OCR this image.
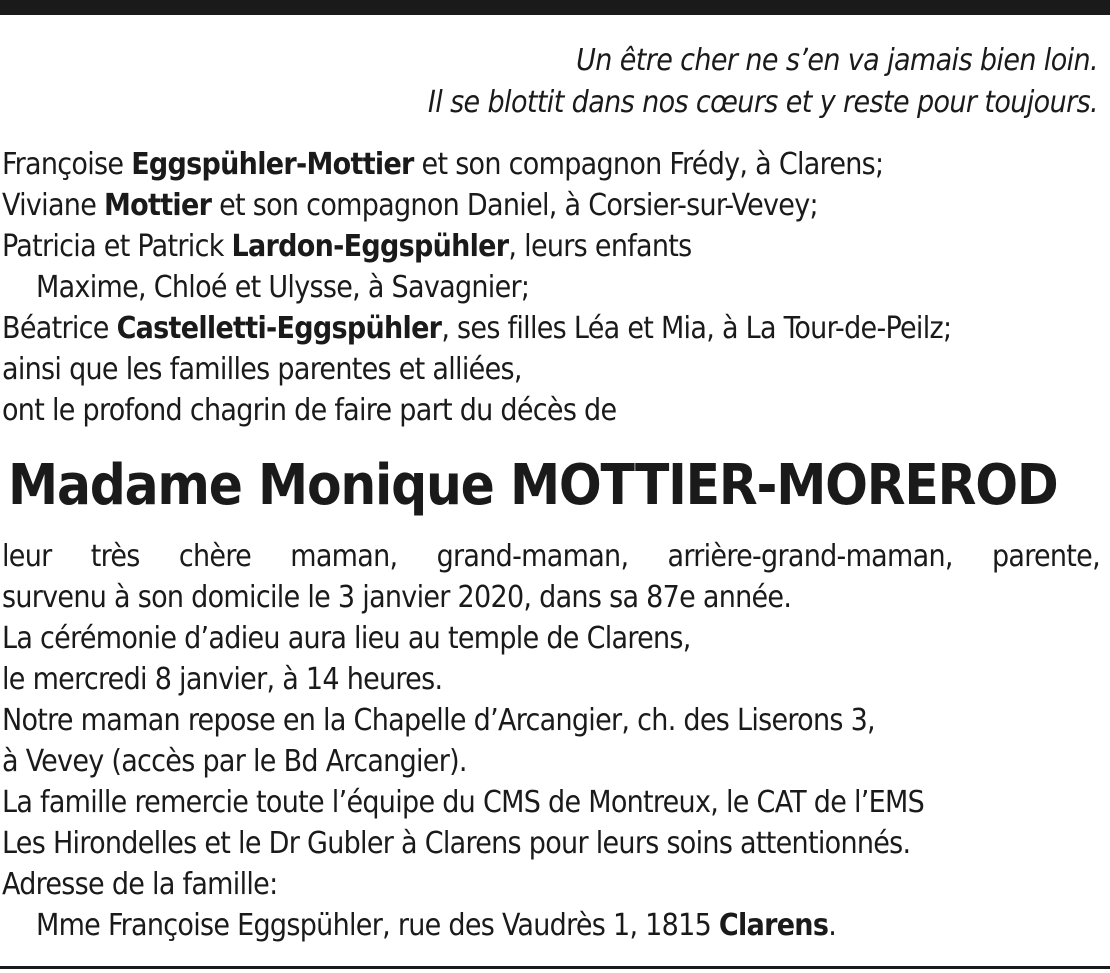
Un être cher ne s’en va jamais bien loin.
Il se blottit dans nos cœurs et y reste pour toujours.
Françoise Eggspühler-Mottier et son compagnon Frédy, à Clarens;
Viviane Mottier et son compagnon Daniel, à Corsier-sur-Vevey;
Patricia et Patrick Lardon-Eggspühler, leurs enfants
Maxime, Chloé et Ulysse, à Savagnier;
Béatrice Castelletti-Eggspühler, ses filles Léa et Mia, à La Tour-de-Peilz;
ainsi que les familles parentes et alliées,
ont le profond chagrin de faire part du décès de
Madame Monique MOTTIER-MOREROD
leur très chère maman, grand-maman, arrière-grand-maman, parente,
survenu à son domicile le 3 janvier 2020, dans sa 87e année.
La cérémonie d’adieu aura lieu au temple de Clarens,
le mercredi 8 janvier, à 14 heures.
Notre maman repose en la Chapelle d’Arcangier, ch. des Liserons 3,
à Vevey (accès par le Bd Arcangier).
La famille remercie toute l’équipe du CMS de Montreux, le CAT de l’EMS
Les Hirondelles et le Dr Gubler à Clarens pour leurs soins attentionnés.
Adresse de la famille:
Mme Françoise Eggspühler, rue des Vaudrès 1, 1815 Clarens.
